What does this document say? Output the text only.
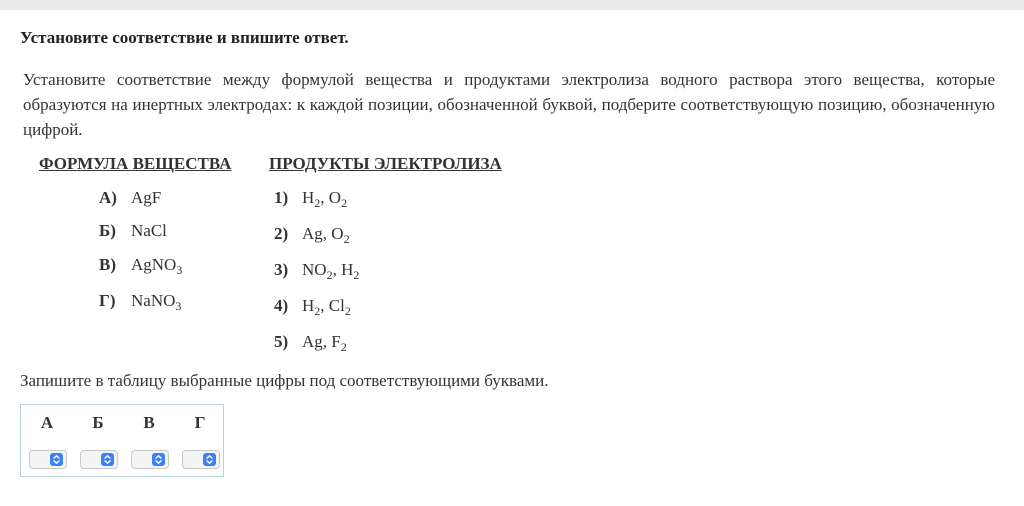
Установите соответствие и впишите ответ.
Установите соответствие между формулой вещества и продуктами электролиза водного раствора этого вещества, которые образуются на инертных электродах: к каждой позиции, обозначенной буквой, подберите соответствующую позицию, обозначенную цифрой.
ФОРМУЛА ВЕЩЕСТВА ПРОДУКТЫ ЭЛЕКТРОЛИЗА
А) AgF
Б) NaCl
В) AgNO$_3$
Г) NaNO$_3$
1) $H_2$, $O_2$
2) Ag, $O_2$
3) $NO_2$, $H_2$
4) $H_2$, $Cl_2$
5) Ag, $F_2$
Запишите в таблицу выбранные цифры под соответствующими буквами.
А	Б	В	Г
